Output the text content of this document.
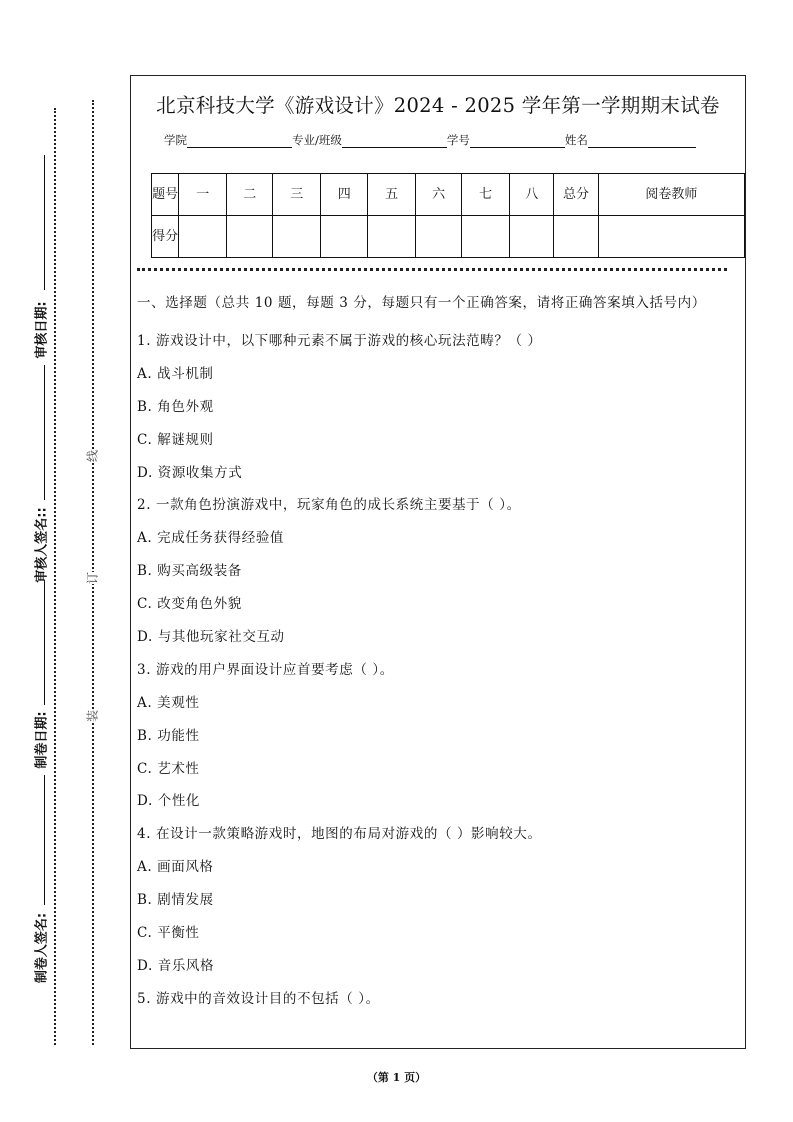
审核日期:
审核人签名::
制卷日期:
制卷人签名:
线
订
装
北京科技大学《游戏设计》2024 - 2025 学年第一学期期末试卷
学院	专业/班级	学号	姓名
题号	一	二	三	四	五	六	七	八	总分	阅卷教师
得分										

一、选择题（总共 10 题，每题 3 分，每题只有一个正确答案，请将正确答案填入括号内）

1. 游戏设计中，以下哪种元素不属于游戏的核心玩法范畴？（ ）

A. 战斗机制

B. 角色外观

C. 解谜规则

D. 资源收集方式

2. 一款角色扮演游戏中，玩家角色的成长系统主要基于（ ）。

A. 完成任务获得经验值

B. 购买高级装备

C. 改变角色外貌

D. 与其他玩家社交互动

3. 游戏的用户界面设计应首要考虑（ ）。

A. 美观性

B. 功能性

C. 艺术性

D. 个性化

4. 在设计一款策略游戏时，地图的布局对游戏的（ ）影响较大。

A. 画面风格

B. 剧情发展

C. 平衡性

D. 音乐风格

5. 游戏中的音效设计目的不包括（ ）。

（第 1 页）
